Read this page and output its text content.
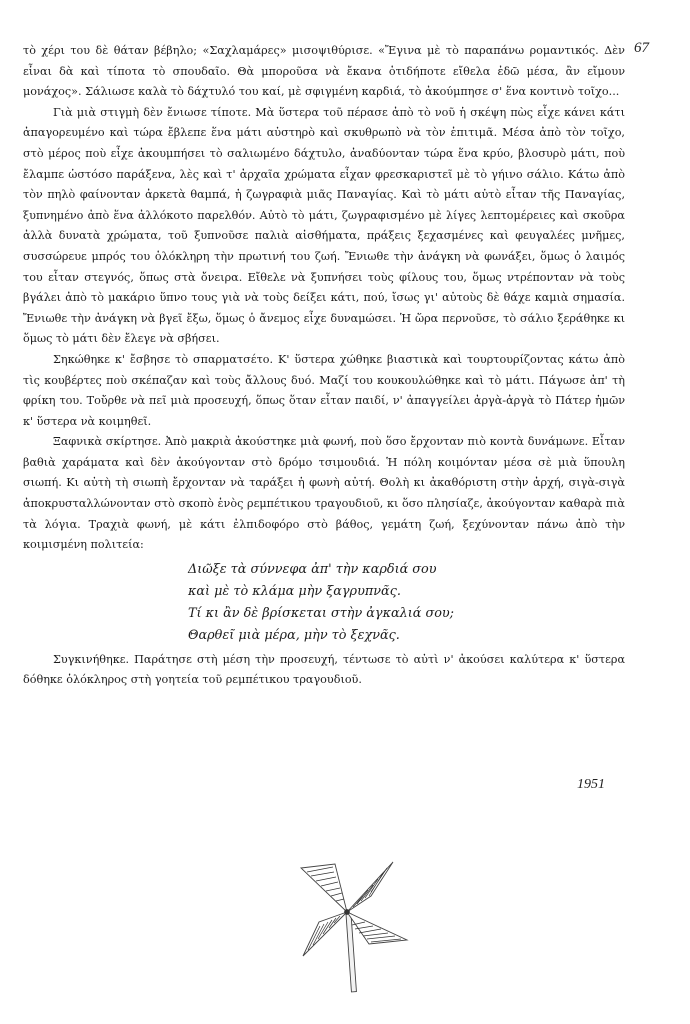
67

τὸ χέρι του δὲ θάταν βέβηλο; «Σαχλαμάρες» μισοψιθύρισε. «Ἔγινα μὲ τὸ παραπάνω ρομαντικός. Δὲν εἶναι δὰ καὶ τίποτα τὸ σπουδαῖο. Θὰ μποροῦσα νὰ ἔκανα ὁτιδήποτε εἴθελα ἐδῶ μέσα, ἂν εἴμουν μονάχος». Σάλιωσε καλὰ τὸ δάχτυλό του καί, μὲ σφιγμένη καρδιά, τὸ ἀκούμπησε σ' ἕνα κοντινὸ τοῖχο...

Γιὰ μιὰ στιγμὴ δὲν ἔνιωσε τίποτε. Μὰ ὕστερα τοῦ πέρασε ἀπὸ τὸ νοῦ ἡ σκέψη πὼς εἶχε κάνει κάτι ἀπαγορευμένο καὶ τώρα ἔβλεπε ἕνα μάτι αὐστηρὸ καὶ σκυθρωπὸ νὰ τὸν ἐπιτιμᾶ. Μέσα ἀπὸ τὸν τοῖχο, στὸ μέρος ποὺ εἶχε ἀκουμπήσει τὸ σαλιωμένο δάχτυλο, ἀναδύονταν τώρα ἕνα κρύο, βλοσυρὸ μάτι, ποὺ ἔλαμπε ὡστόσο παράξενα, λὲς καὶ τ' ἀρχαῖα χρώματα εἶχαν φρεσκαριστεῖ μὲ τὸ γήινο σάλιο. Κάτω ἀπὸ τὸν πηλὸ φαίνονταν ἀρκετὰ θαμπά, ἡ ζωγραφιὰ μιᾶς Παναγίας. Καὶ τὸ μάτι αὐτὸ εἶταν τῆς Παναγίας, ξυπνημένο ἀπὸ ἕνα ἀλλόκοτο παρελθόν. Αὐτὸ τὸ μάτι, ζωγραφισμένο μὲ λίγες λεπτομέρειες καὶ σκοῦρα ἀλλὰ δυνατὰ χρώματα, τοῦ ξυπνοῦσε παλιὰ αἰσθήματα, πράξεις ξεχασμένες καὶ φευγαλέες μνῆμες, συσσώρευε μπρός του ὁλόκληρη τὴν πρωτινή του ζωή. Ἔνιωθε τὴν ἀνάγκη νὰ φωνάξει, ὅμως ὁ λαιμός του εἶταν στεγνός, ὅπως στὰ ὄνειρα. Εἴθελε νὰ ξυπνήσει τοὺς φίλους του, ὅμως ντρέπονταν νὰ τοὺς βγάλει ἀπὸ τὸ μακάριο ὕπνο τους γιὰ νὰ τοὺς δείξει κάτι, πού, ἴσως γι' αὐτοὺς δὲ θάχε καμιὰ σημασία. Ἔνιωθε τὴν ἀνάγκη νὰ βγεῖ ἔξω, ὅμως ὁ ἄνεμος εἶχε δυναμώσει. Ἡ ὥρα περνοῦσε, τὸ σάλιο ξεράθηκε κι ὅμως τὸ μάτι δὲν ἔλεγε νὰ σβήσει.

Σηκώθηκε κ' ἔσβησε τὸ σπαρματσέτο. Κ' ὕστερα χώθηκε βιαστικὰ καὶ τουρτουρίζοντας κάτω ἀπὸ τὶς κουβέρτες ποὺ σκέπαζαν καὶ τοὺς ἄλλους δυό. Μαζί του κουκουλώθηκε καὶ τὸ μάτι. Πάγωσε ἀπ' τὴ φρίκη του. Τοὔρθε νὰ πεῖ μιὰ προσευχή, ὅπως ὅταν εἶταν παιδί, ν' ἀπαγγείλει ἀργὰ-ἀργὰ τὸ Πάτερ ἡμῶν κ' ὕστερα νὰ κοιμηθεῖ.

Ξαφνικὰ σκίρτησε. Ἀπὸ μακριὰ ἀκούστηκε μιὰ φωνή, ποὺ ὅσο ἔρχονταν πιὸ κοντὰ δυνάμωνε. Εἶταν βαθιὰ χαράματα καὶ δὲν ἀκούγονταν στὸ δρόμο τσιμουδιά. Ἡ πόλη κοιμόνταν μέσα σὲ μιὰ ὕπουλη σιωπή. Κι αὐτὴ τὴ σιωπὴ ἔρχονταν νὰ ταράξει ἡ φωνὴ αὐτή. Θολὴ κι ἀκαθόριστη στὴν ἀρχή, σιγὰ-σιγὰ ἀποκρυσταλλώνονταν στὸ σκοπὸ ἑνὸς ρεμπέτικου τραγουδιοῦ, κι ὅσο πλησίαζε, ἀκούγονταν καθαρὰ πιὰ τὰ λόγια. Τραχιὰ φωνή, μὲ κάτι ἐλπιδοφόρο στὸ βάθος, γεμάτη ζωή, ξεχύνονταν πάνω ἀπὸ τὴν κοιμισμένη πολιτεία:

Διῶξε τὰ σύννεφα ἀπ' τὴν καρδιά σου
καὶ μὲ τὸ κλάμα μὴν ξαγρυπνᾶς.
Τί κι ἂν δὲ βρίσκεται στὴν ἀγκαλιά σου;
Θαρθεῖ μιὰ μέρα, μὴν τὸ ξεχνᾶς.

Συγκινήθηκε. Παράτησε στὴ μέση τὴν προσευχή, τέντωσε τὸ αὐτὶ ν' ἀκούσει καλύτερα κ' ὕστερα δόθηκε ὁλόκληρος στὴ γοητεία τοῦ ρεμπέτικου τραγουδιοῦ.

1951
